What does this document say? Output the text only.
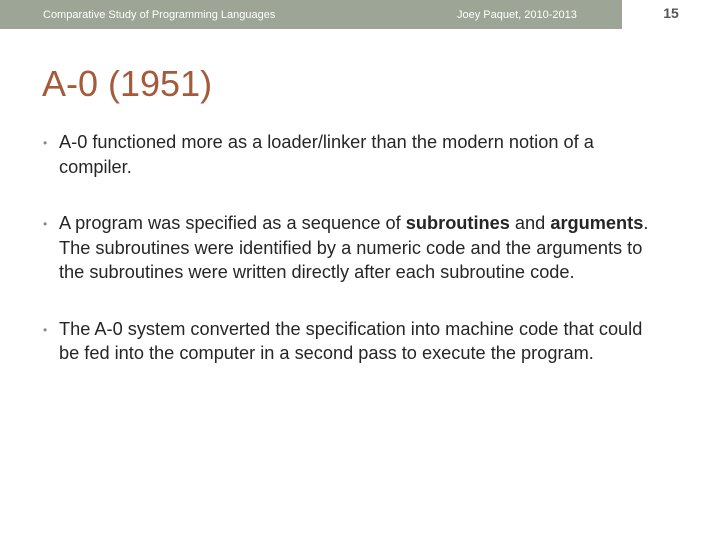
Comparative Study of Programming Languages	Joey Paquet, 2010-2013	15
A-0 (1951)
• A-0 functioned more as a loader/linker than the modern notion of a compiler.
• A program was specified as a sequence of subroutines and arguments. The subroutines were identified by a numeric code and the arguments to the subroutines were written directly after each subroutine code.
• The A-0 system converted the specification into machine code that could be fed into the computer in a second pass to execute the program.
